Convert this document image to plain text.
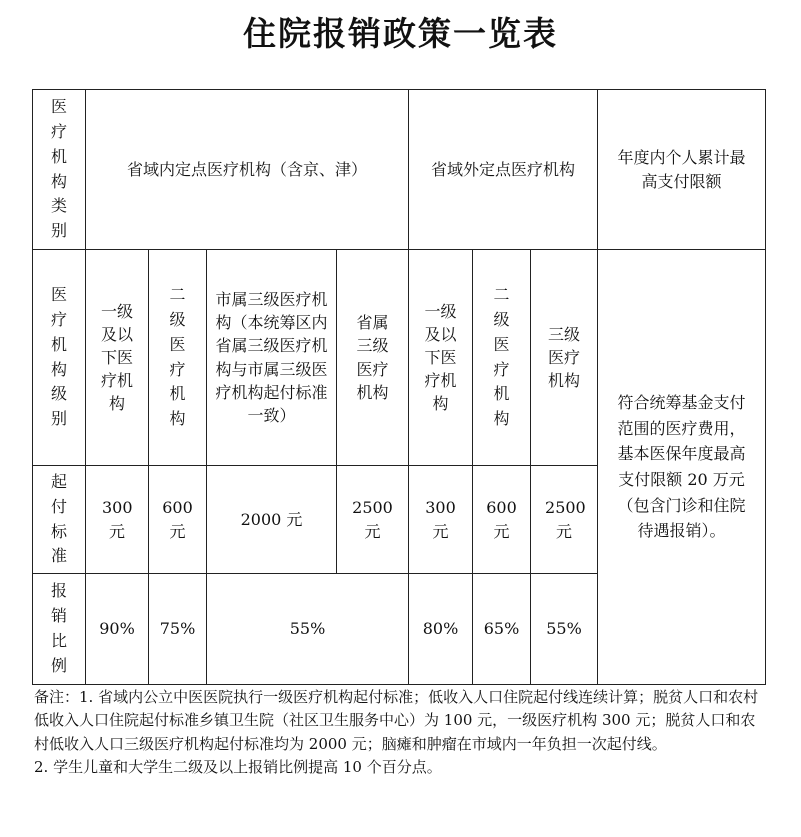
住院报销政策一览表
医疗机构类别	省域内定点医疗机构（含京、津）				省域外定点医疗机构			年度内个人累计最高支付限额
医疗机构级别	一级及以下医疗机构	二级医疗机构	市属三级医疗机构（本统筹区内省属三级医疗机构与市属三级医疗机构起付标准一致）	省属三级医疗机构	一级及以下医疗机构	二级医疗机构	三级医疗机构	符合统筹基金支付范围的医疗费用，基本医保年度最高支付限额 20 万元（包含门诊和住院待遇报销）。
起付标准	300 元	600 元	2000 元	2500 元	300 元	600 元	2500 元	
报销比例	90%	75%	55%		80%	65%	55%	
备注：1. 省域内公立中医医院执行一级医疗机构起付标准；低收入人口住院起付线连续计算；脱贫人口和农村低收入人口住院起付标准乡镇卫生院（社区卫生服务中心）为 100 元，一级医疗机构 300 元；脱贫人口和农村低收入人口三级医疗机构起付标准均为 2000 元；脑瘫和肿瘤在市域内一年负担一次起付线。
2. 学生儿童和大学生二级及以上报销比例提高 10 个百分点。
